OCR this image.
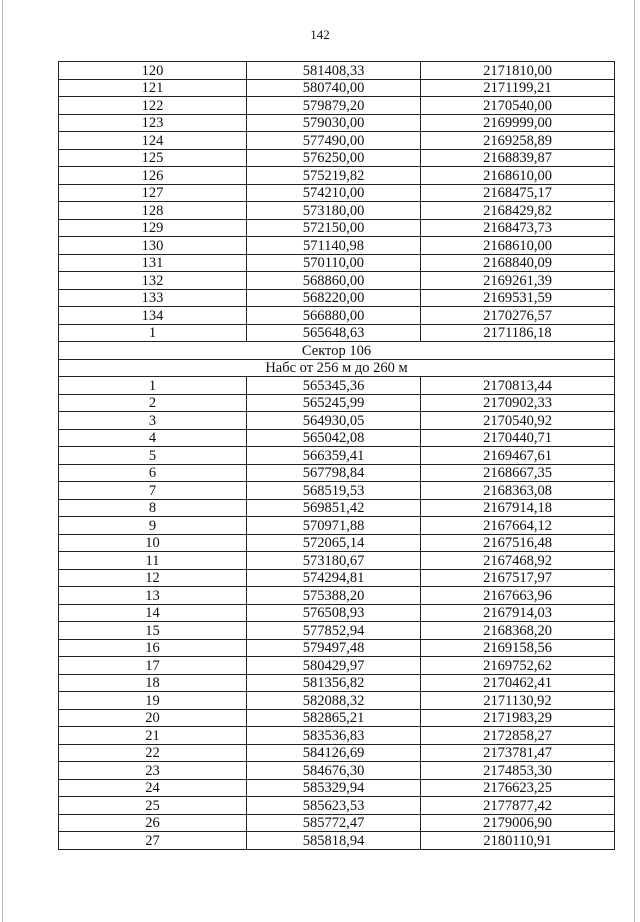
142
120	581408,33	2171810,00
121	580740,00	2171199,21
122	579879,20	2170540,00
123	579030,00	2169999,00
124	577490,00	2169258,89
125	576250,00	2168839,87
126	575219,82	2168610,00
127	574210,00	2168475,17
128	573180,00	2168429,82
129	572150,00	2168473,73
130	571140,98	2168610,00
131	570110,00	2168840,09
132	568860,00	2169261,39
133	568220,00	2169531,59
134	566880,00	2170276,57
1	565648,63	2171186,18
Сектор 106		
Набс от 256 м до 260 м		
1	565345,36	2170813,44
2	565245,99	2170902,33
3	564930,05	2170540,92
4	565042,08	2170440,71
5	566359,41	2169467,61
6	567798,84	2168667,35
7	568519,53	2168363,08
8	569851,42	2167914,18
9	570971,88	2167664,12
10	572065,14	2167516,48
11	573180,67	2167468,92
12	574294,81	2167517,97
13	575388,20	2167663,96
14	576508,93	2167914,03
15	577852,94	2168368,20
16	579497,48	2169158,56
17	580429,97	2169752,62
18	581356,82	2170462,41
19	582088,32	2171130,92
20	582865,21	2171983,29
21	583536,83	2172858,27
22	584126,69	2173781,47
23	584676,30	2174853,30
24	585329,94	2176623,25
25	585623,53	2177877,42
26	585772,47	2179006,90
27	585818,94	2180110,91
